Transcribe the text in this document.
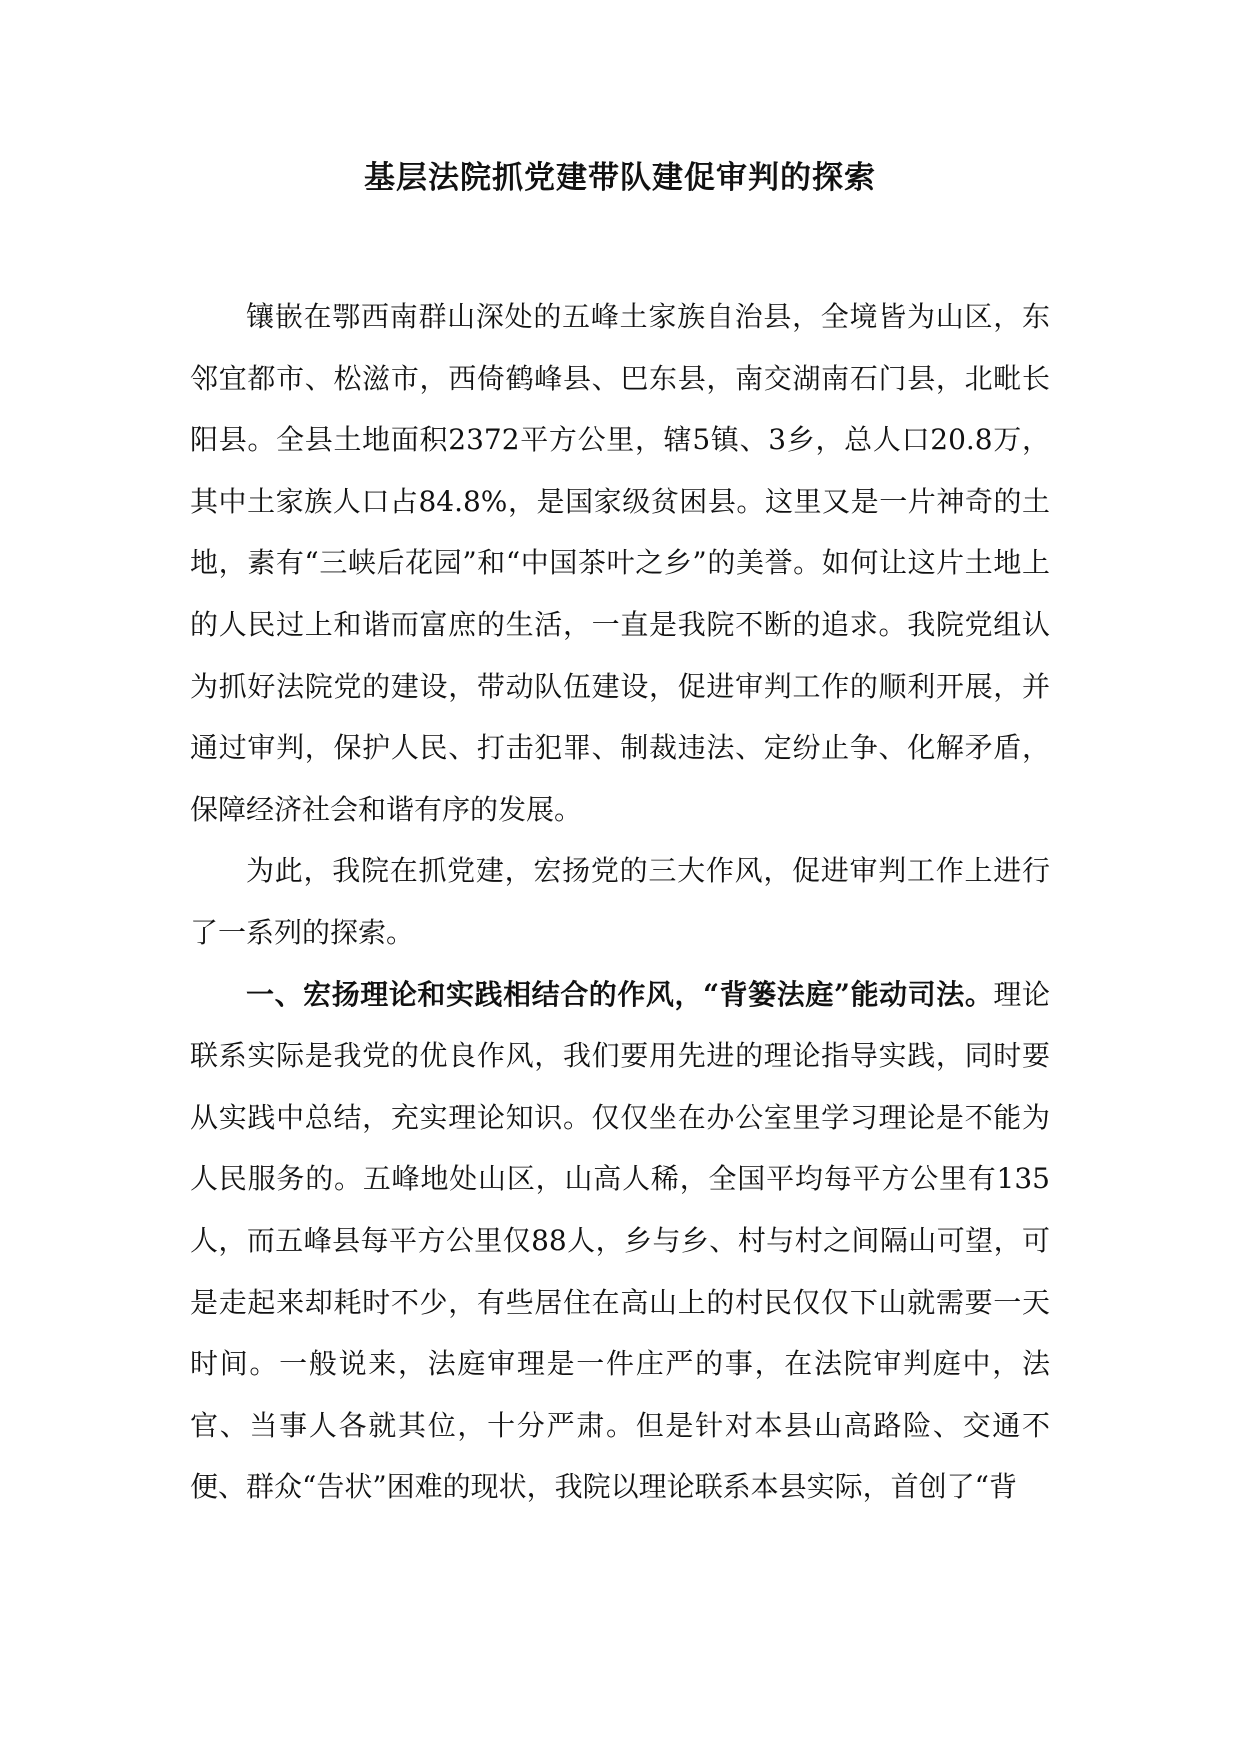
基层法院抓党建带队建促审判的探索

镶嵌在鄂西南群山深处的五峰土家族自治县，全境皆为山区，东邻宜都市、松滋市，西倚鹤峰县、巴东县，南交湖南石门县，北毗长阳县。全县土地面积2372平方公里，辖5镇、3乡，总人口20.8万，其中土家族人口占84.8%，是国家级贫困县。这里又是一片神奇的土地，素有“三峡后花园”和“中国茶叶之乡”的美誉。如何让这片土地上的人民过上和谐而富庶的生活，一直是我院不断的追求。我院党组认为抓好法院党的建设，带动队伍建设，促进审判工作的顺利开展，并通过审判，保护人民、打击犯罪、制裁违法、定纷止争、化解矛盾，保障经济社会和谐有序的发展。

为此，我院在抓党建，宏扬党的三大作风，促进审判工作上进行了一系列的探索。

一、宏扬理论和实践相结合的作风，“背篓法庭”能动司法。理论联系实际是我党的优良作风，我们要用先进的理论指导实践，同时要从实践中总结，充实理论知识。仅仅坐在办公室里学习理论是不能为人民服务的。五峰地处山区，山高人稀，全国平均每平方公里有135人，而五峰县每平方公里仅88人，乡与乡、村与村之间隔山可望，可是走起来却耗时不少，有些居住在高山上的村民仅仅下山就需要一天时间。一般说来，法庭审理是一件庄严的事，在法院审判庭中，法官、当事人各就其位，十分严肃。但是针对本县山高路险、交通不便、群众“告状”困难的现状，我院以理论联系本县实际，首创了“背
